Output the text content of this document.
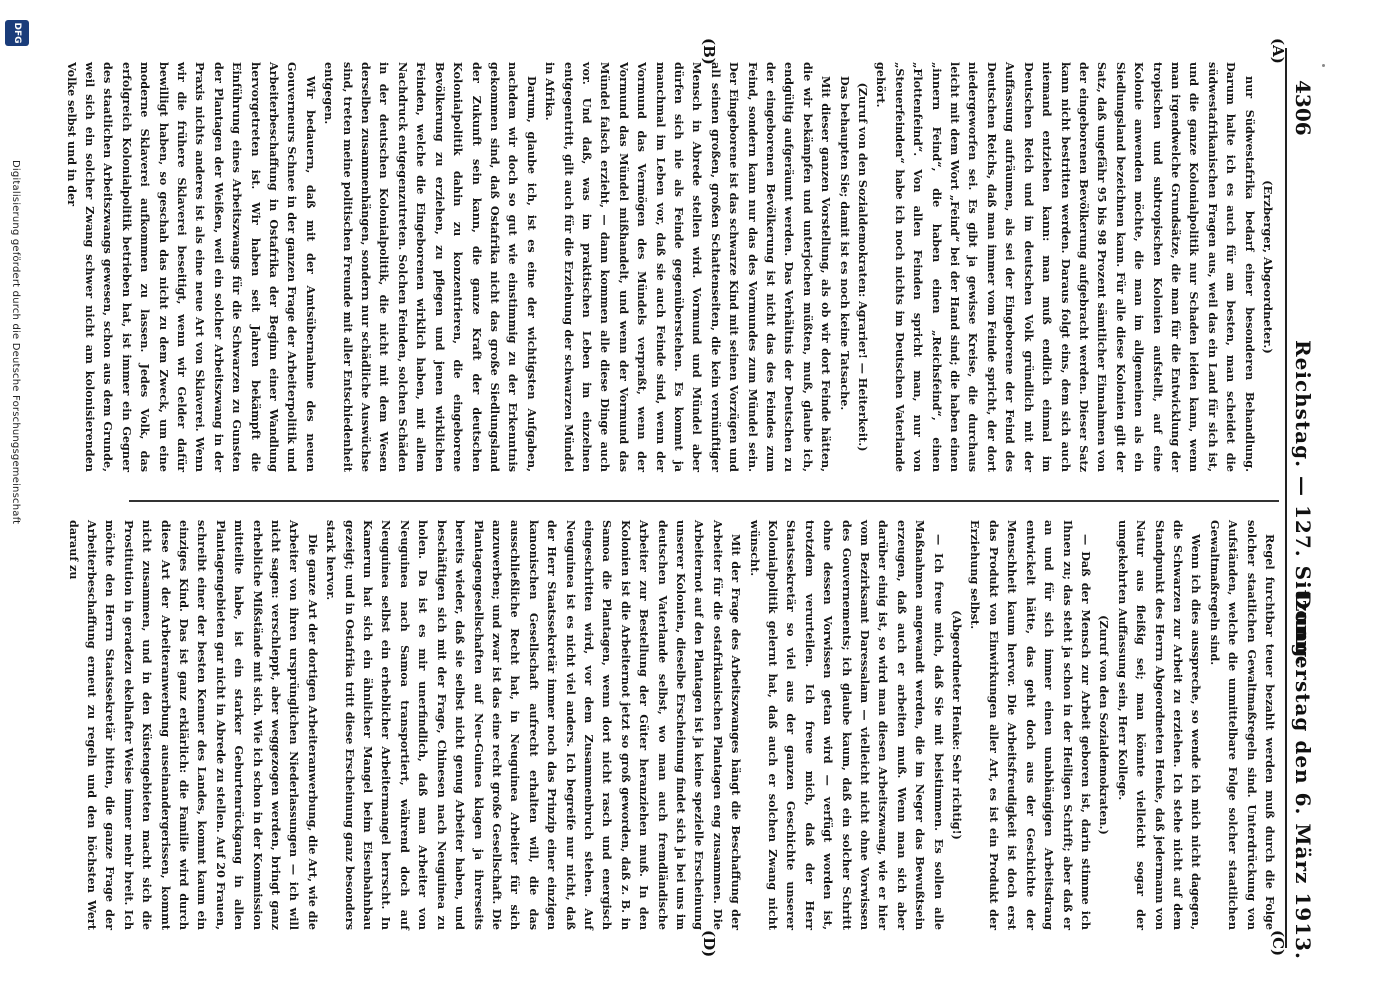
4306
Reichstag. — 127. Sitzung.
Donnerstag den 6. März 1913.
(A)
(B)
(C)
(D)
(Erzberger, Abgeordneter.)

nur Südwestafrika bedarf einer besonderen Behandlung. Darum halte ich es auch für am besten, man scheidet die südwestafrikanischen Fragen aus, weil das ein Land für sich ist, und die ganze Kolonialpolitik nur Schaden leiden kann, wenn man irgendwelche Grundsätze, die man für die Entwicklung der tropischen und subtropischen Kolonien aufstellt, auf eine Kolonie anwenden möchte, die man im allgemeinen als ein Siedlungsland bezeichnen kann. Für alle diese Kolonien gilt der Satz, daß ungefähr 95 bis 98 Prozent sämtlicher Einnahmen von der eingeborenen Bevölkerung aufgebracht werden. Dieser Satz kann nicht bestritten werden. Daraus folgt eins, dem sich auch niemand entziehen kann: man muß endlich einmal im Deutschen Reich und im deutschen Volk gründlich mit der Auffassung aufräumen, als sei der Eingeborene der Feind des Deutschen Reichs, daß man immer vom Feinde spricht, der dort niedergeworfen sei. Es gibt ja gewisse Kreise, die durchaus leicht mit dem Wort „Feind“ bei der Hand sind; die haben einen „innern Feind“, die haben einen „Reichsfeind“, einen „Flottenfeind“. Von allen Feinden spricht man, nur von „Steuerfeinden“ habe ich noch nichts im Deutschen Vaterlande gehört.

(Zuruf von den Sozialdemokraten: Agrarier! — Heiterkeit.)

Das behaupten Sie; damit ist es noch keine Tatsache.

Mit dieser ganzen Vorstellung, als ob wir dort Feinde hätten, die wir bekämpfen und unterjochen müßten, muß, glaube ich, endgültig aufgeräumt werden. Das Verhältnis der Deutschen zu der eingeborenen Bevölkerung ist nicht das des Feindes zum Feind, sondern kann nur das des Vormundes zum Mündel sein. Der Eingeborene ist das schwarze Kind mit seinen Vorzügen und all seinen großen, großen Schattenseiten, die kein vernünftiger Mensch in Abrede stellen wird. Vormund und Mündel aber dürfen sich nie als Feinde gegenüberstehen. Es kommt ja manchmal im Leben vor, daß sie auch Feinde sind, wenn der Vormund das Vermögen des Mündels verpraßt, wenn der Vormund das Mündel mißhandelt, und wenn der Vormund das Mündel falsch erzieht, — dann kommen alle diese Dinge auch vor. Und daß, was im praktischen Leben im einzelnen entgegentritt, gilt auch für die Erziehung der schwarzen Mündel in Afrika.

Darum, glaube ich, ist es eine der wichtigsten Aufgaben, nachdem wir doch so gut wie einstimmig zu der Erkenntnis gekommen sind, daß Ostafrika nicht das große Siedlungsland der Zukunft sein kann, die ganze Kraft der deutschen Kolonialpolitik dahin zu konzentrieren, die eingeborene Bevölkerung zu erziehen, zu pflegen und jenen wirklichen Feinden, welche die Eingeborenen wirklich haben, mit allem Nachdruck entgegenzutreten. Solchen Feinden, solchen Schäden in der deutschen Kolonialpolitik, die nicht mit dem Wesen derselben zusammenhängen, sondern nur schädliche Auswüchse sind, treten meine politischen Freunde mit aller Entschiedenheit entgegen.

Wir bedauern, daß mit der Amtsübernahme des neuen Gouverneurs Schnee in der ganzen Frage der Arbeiterpolitik und Arbeiterbeschaffung in Ostafrika der Beginn einer Wandlung hervorgetreten ist. Wir haben seit Jahren bekämpft die Einführung eines Arbeitszwangs für die Schwarzen zu Gunsten der Plantagen der Weißen, weil ein solcher Arbeitszwang in der Praxis nichts anderes ist als eine neue Art von Sklaverei. Wenn wir die frühere Sklaverei beseitigt, wenn wir Gelder dafür bewilligt haben, so geschah das nicht zu dem Zweck, um eine moderne Sklaverei aufkommen zu lassen. Jedes Volk, das erfolgreich Kolonialpolitik betrieben hat, ist immer ein Gegner des staatlichen Arbeitszwangs gewesen, schon aus dem Grunde, weil sich ein solcher Zwang schwer nicht am kolonisierenden Volke selbst und in der

Regel furchtbar teuer bezahlt werden muß durch die Folge solcher staatlichen Gewaltmaßregeln sind. Unterdrückung von Aufständen, welche die unmittelbare Folge solcher staatlichen Gewaltmaßregeln sind.

Wenn ich dies ausspreche, so wende ich mich nicht dagegen, die Schwarzen zur Arbeit zu erziehen. Ich stehe nicht auf dem Standpunkt des Herrn Abgeordneten Henke, daß jedermann von Natur aus fleißig sei; man könnte vielleicht sogar der umgekehrten Auffassung sein, Herr Kollege.

(Zuruf von den Sozialdemokraten.)

— Daß der Mensch zur Arbeit geboren ist, darin stimme ich Ihnen zu; das steht ja schon in der Heiligen Schrift; aber daß er an und für sich immer einen unabhängigen Arbeitsdrang entwickelt hätte, das geht doch aus der Geschichte der Menschheit kaum hervor. Die Arbeitsfreudigkeit ist doch erst das Produkt von Einwirkungen aller Art, es ist ein Produkt der Erziehung selbst.

(Abgeordneter Henke: Sehr richtig!)

— Ich freue mich, daß Sie mit beistimmen. Es sollen alle Maßnahmen angewandt werden, die im Neger das Bewußtsein erzeugen, daß auch er arbeiten muß. Wenn man sich aber darüber einig ist, so wird man diesen Arbeitszwang, wie er hier vom Bezirksamt Daressalam — vielleicht nicht ohne Vorwissen des Gouvernements; ich glaube kaum, daß ein solcher Schritt ohne dessen Vorwissen getan wird — verfügt worden ist, trotzdem verurteilen. Ich freue mich, daß der Herr Staatssekretär so viel aus der ganzen Geschichte unserer Kolonialpolitik gelernt hat, daß auch er solchen Zwang nicht wünscht.

Mit der Frage des Arbeitszwanges hängt die Beschaffung der Arbeiter für die ostafrikanischen Plantagen eng zusammen. Die Arbeiternot auf den Plantagen ist ja keine spezielle Erscheinung unserer Kolonien, dieselbe Erscheinung findet sich ja bei uns im deutschen Vaterlande selbst, wo man auch fremdländische Arbeiter zur Bestellung der Güter heranziehen muß. In den Kolonien ist die Arbeiternot jetzt so groß geworden, daß z. B. in Samoa die Plantagen, wenn dort nicht rasch und energisch eingeschritten wird, vor dem Zusammenbruch stehen. Auf Neuguinea ist es nicht viel anders. Ich begreife nur nicht, daß der Herr Staatssekretär immer noch das Prinzip einer einzigen kanonischen Gesellschaft aufrecht erhalten will, die das ausschließliche Recht hat, in Neuguinea Arbeiter für sich anzuwerben; und zwar ist das eine recht große Gesellschaft. Die Plantagengesellschaften auf Neu-Guinea klagen ja ihrerseits bereits wieder, daß sie selbst nicht genug Arbeiter haben, und beschäftigen sich mit der Frage, Chinesen nach Neuguinea zu holen. Da ist es mir unerfindlich, daß man Arbeiter von Neuguinea nach Samoa transportiert, während doch auf Neuguinea selbst ein erheblicher Arbeitermangel herrscht. In Kamerun hat sich ein ähnlicher Mangel beim Eisenbahnbau gezeigt; und in Ostafrika tritt diese Erscheinung ganz besonders stark hervor.

Die ganze Art der dortigen Arbeiteranwerbung, die Art, wie die Arbeiter von ihren ursprünglichen Niederlassungen — ich will nicht sagen: verschleppt, aber weggezogen werden, bringt ganz erhebliche Mißstände mit sich. Wie ich schon in der Kommission mitteilte habe, ist ein starker Geburtenrückgang in allen Plantagengebieten gar nicht in Abrede zu stellen. Auf 20 Frauen, schreibt einer der besten Kenner des Landes, kommt kaum ein einziges Kind. Das ist ganz erklärlich: die Familie wird durch diese Art der Arbeiteranwerbung auseinandergerissen, kommt nicht zusammen, und in den Küstengebieten macht sich die Prostitution in geradezu ekelhafter Weise immer mehr breit. Ich möchte den Herrn Staatssekretär bitten, die ganze Frage der Arbeiterbeschaffung erneut zu regeln und den höchsten Wert darauf zu

DFG
Digitalisierung gefördert durch die Deutsche Forschungsgemeinschaft
